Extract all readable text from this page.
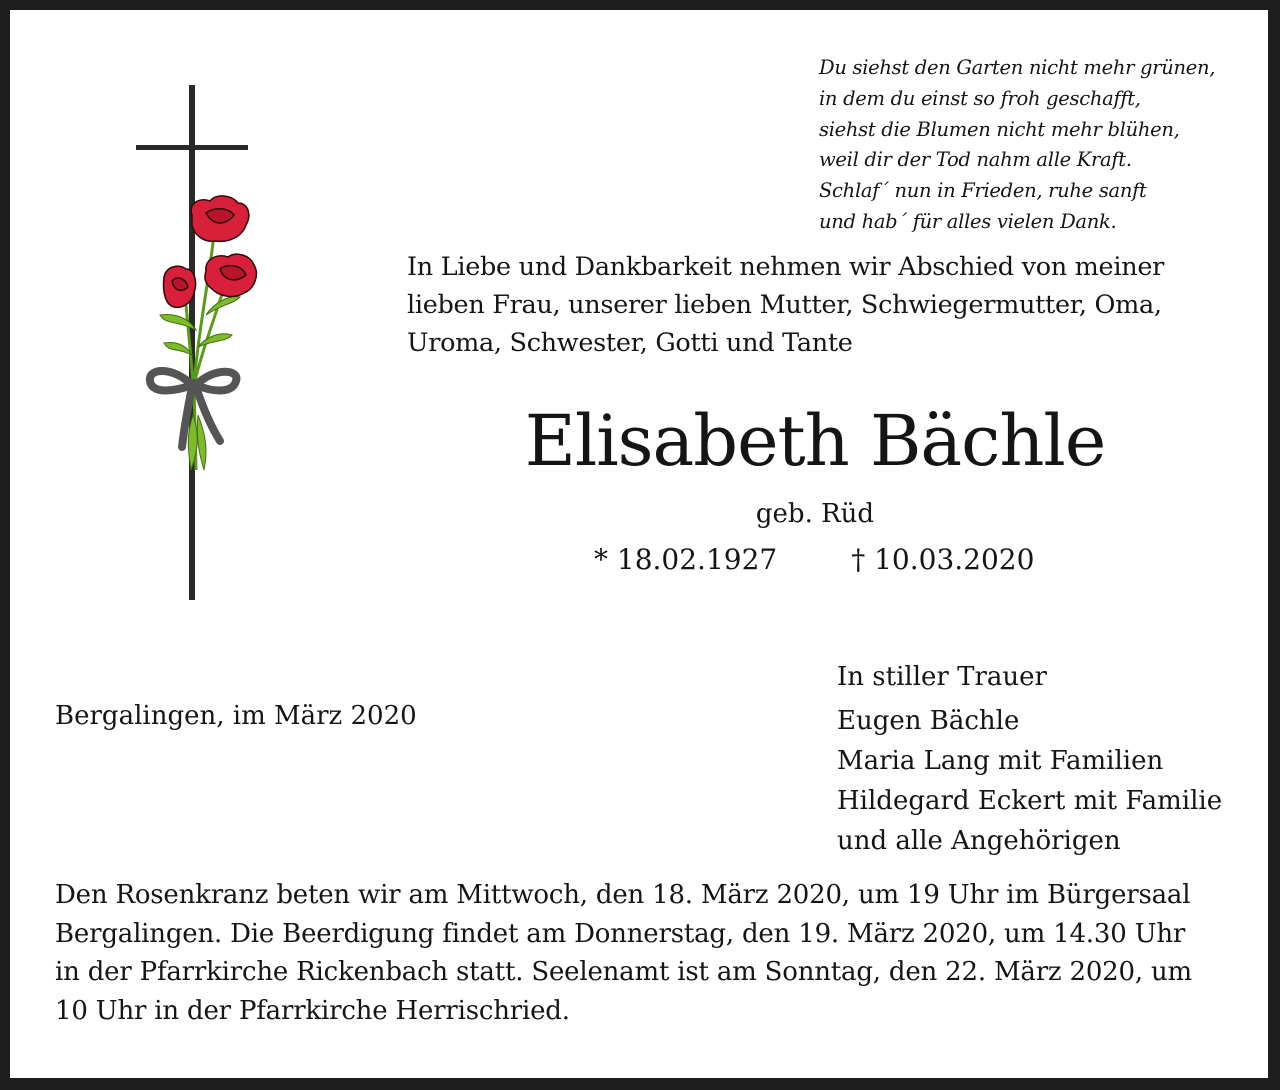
Du siehst den Garten nicht mehr grünen,
in dem du einst so froh geschafft,
siehst die Blumen nicht mehr blühen,
weil dir der Tod nahm alle Kraft.
Schlaf´ nun in Frieden, ruhe sanft
und hab´ für alles vielen Dank.
In Liebe und Dankbarkeit nehmen wir Abschied von meiner
lieben Frau, unserer lieben Mutter, Schwiegermutter, Oma,
Uroma, Schwester, Gotti und Tante
Elisabeth Bächle
geb. Rüd
* 18.02.1927	† 10.03.2020
Bergalingen, im März 2020
In stiller Trauer
Eugen Bächle
Maria Lang mit Familien
Hildegard Eckert mit Familie
und alle Angehörigen
Den Rosenkranz beten wir am Mittwoch, den 18. März 2020, um 19 Uhr im Bürgersaal
Bergalingen. Die Beerdigung findet am Donnerstag, den 19. März 2020, um 14.30 Uhr
in der Pfarrkirche Rickenbach statt. Seelenamt ist am Sonntag, den 22. März 2020, um
10 Uhr in der Pfarrkirche Herrischried.
